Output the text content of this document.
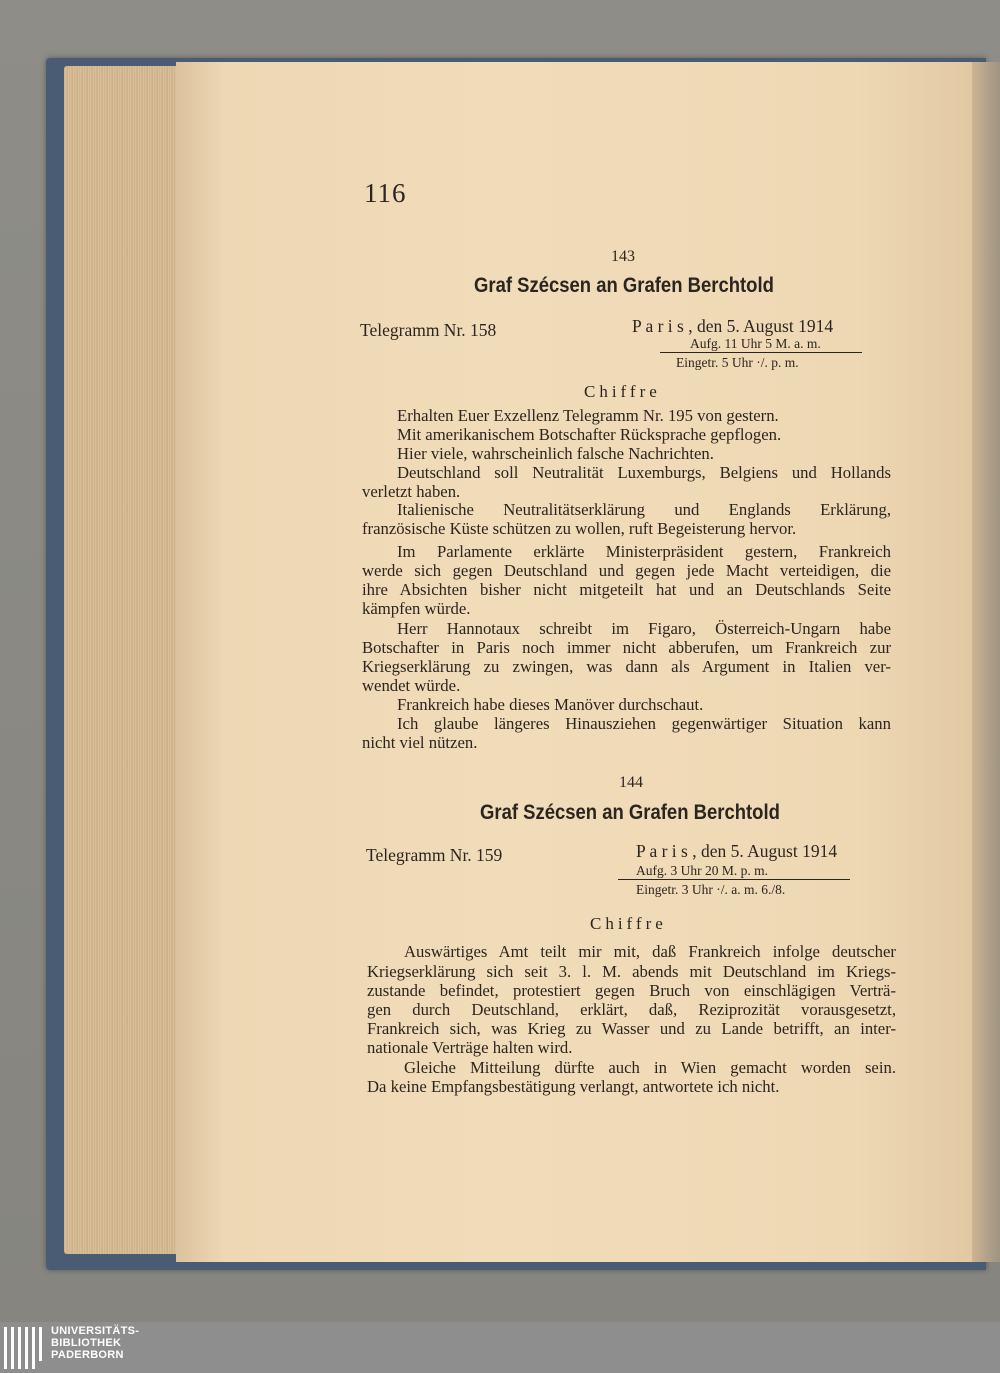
116
143
Graf Szécsen an Grafen Berchtold
Telegramm Nr. 158	P a r i s , den 5. August 1914
Aufg. 11 Uhr 5 M. a. m.
Eingetr. 5 Uhr ·/. p. m.
Chiffre
Erhalten Euer Exzellenz Telegramm Nr. 195 von gestern.
Mit amerikanischem Botschafter Rücksprache gepflogen.
Hier viele, wahrscheinlich falsche Nachrichten.
Deutschland soll Neutralität Luxemburgs, Belgiens und Hollands
verletzt haben.
Italienische Neutralitätserklärung und Englands Erklärung,
französische Küste schützen zu wollen, ruft Begeisterung hervor.
Im Parlamente erklärte Ministerpräsident gestern, Frankreich
werde sich gegen Deutschland und gegen jede Macht verteidigen, die
ihre Absichten bisher nicht mitgeteilt hat und an Deutschlands Seite
kämpfen würde.
Herr Hannotaux schreibt im Figaro, Österreich-Ungarn habe
Botschafter in Paris noch immer nicht abberufen, um Frankreich zur
Kriegserklärung zu zwingen, was dann als Argument in Italien ver-
wendet würde.
Frankreich habe dieses Manöver durchschaut.
Ich glaube längeres Hinausziehen gegenwärtiger Situation kann
nicht viel nützen.
144
Graf Szécsen an Grafen Berchtold
Telegramm Nr. 159	P a r i s , den 5. August 1914
Aufg. 3 Uhr 20 M. p. m.
Eingetr. 3 Uhr ·/. a. m. 6./8.
Chiffre
Auswärtiges Amt teilt mir mit, daß Frankreich infolge deutscher
Kriegserklärung sich seit 3. l. M. abends mit Deutschland im Kriegs-
zustande befindet, protestiert gegen Bruch von einschlägigen Verträ-
gen durch Deutschland, erklärt, daß, Reziprozität vorausgesetzt,
Frankreich sich, was Krieg zu Wasser und zu Lande betrifft, an inter-
nationale Verträge halten wird.
Gleiche Mitteilung dürfte auch in Wien gemacht worden sein.
Da keine Empfangsbestätigung verlangt, antwortete ich nicht.
UNIVERSITÄTS-
BIBLIOTHEK
PADERBORN
